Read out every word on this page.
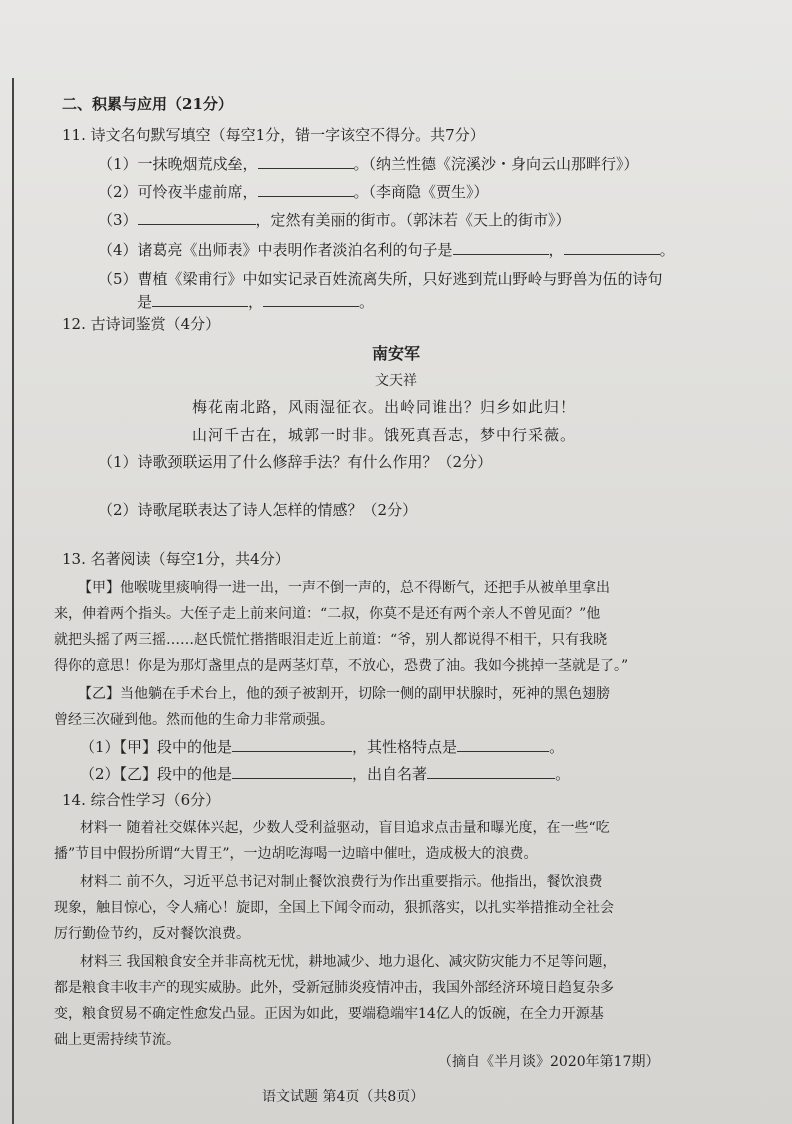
二、积累与应用（21分）
11. 诗文名句默写填空（每空1分，错一字该空不得分。共7分）
（1）一抹晚烟荒戍垒，	。（纳兰性德《浣溪沙・身向云山那畔行》）
（2）可怜夜半虚前席，	。（李商隐《贾生》）
（3）	，定然有美丽的街市。（郭沫若《天上的街市》）
（4）诸葛亮《出师表》中表明作者淡泊名利的句子是	，	。
（5）曹植《梁甫行》中如实记录百姓流离失所，只好逃到荒山野岭与野兽为伍的诗句
是	，	。
12. 古诗词鉴赏（4分）
南安军
文天祥
梅花南北路，风雨湿征衣。出岭同谁出？归乡如此归！
山河千古在，城郭一时非。饿死真吾志，梦中行采薇。
（1）诗歌颈联运用了什么修辞手法？有什么作用？（2分）
（2）诗歌尾联表达了诗人怎样的情感？（2分）
13. 名著阅读（每空1分，共4分）
【甲】他喉咙里痰响得一进一出，一声不倒一声的，总不得断气，还把手从被单里拿出
来，伸着两个指头。大侄子走上前来问道：“二叔，你莫不是还有两个亲人不曾见面？”他
就把头摇了两三摇……赵氏慌忙揩揩眼泪走近上前道：“爷，别人都说得不相干，只有我晓
得你的意思！你是为那灯盏里点的是两茎灯草，不放心，恐费了油。我如今挑掉一茎就是了。”
【乙】当他躺在手术台上，他的颈子被割开，切除一侧的副甲状腺时，死神的黑色翅膀
曾经三次碰到他。然而他的生命力非常顽强。
（1）【甲】段中的他是	，其性格特点是	。
（2）【乙】段中的他是	，出自名著	。
14. 综合性学习（6分）
材料一 随着社交媒体兴起，少数人受利益驱动，盲目追求点击量和曝光度，在一些“吃
播”节目中假扮所谓“大胃王”，一边胡吃海喝一边暗中催吐，造成极大的浪费。
材料二 前不久，习近平总书记对制止餐饮浪费行为作出重要指示。他指出，餐饮浪费
现象，触目惊心，令人痛心！旋即，全国上下闻令而动，狠抓落实，以扎实举措推动全社会
厉行勤俭节约，反对餐饮浪费。
材料三 我国粮食安全并非高枕无忧，耕地减少、地力退化、减灾防灾能力不足等问题，
都是粮食丰收丰产的现实威胁。此外，受新冠肺炎疫情冲击，我国外部经济环境日趋复杂多
变，粮食贸易不确定性愈发凸显。正因为如此，要端稳端牢14亿人的饭碗，在全力开源基
础上更需持续节流。
（摘自《半月谈》2020年第17期）
语文试题 第4页（共8页）
